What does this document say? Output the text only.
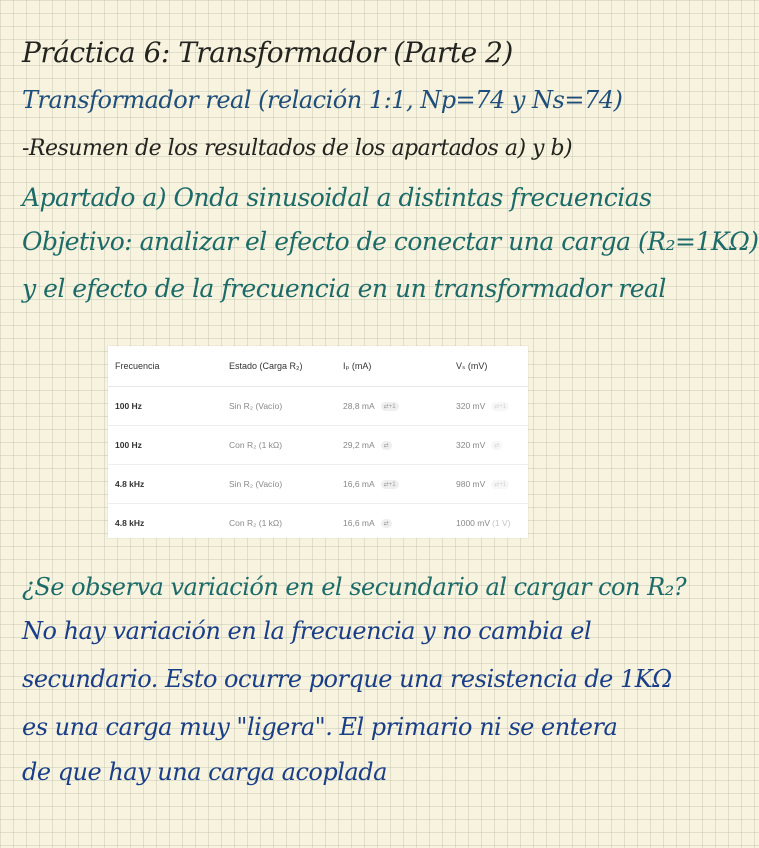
Práctica 6: Transformador (Parte 2)
Transformador real (relación 1:1, Np=74 y Ns=74)
-Resumen de los resultados de los apartados a) y b)
Apartado a) Onda sinusoidal a distintas frecuencias
Objetivo: analizar el efecto de conectar una carga (R₂=1KΩ)
y el efecto de la frecuencia en un transformador real
Frecuencia	Estado (Carga R₂)	Iₚ (mA)	Vₛ (mV)
100 Hz	Sin R₂ (Vacío)	28,8 mA ⇄+1	320 mV ⇄+1
100 Hz	Con R₂ (1 kΩ)	29,2 mA ⇄	320 mV ⇄
4.8 kHz	Sin R₂ (Vacío)	16,6 mA ⇄+1	980 mV ⇄+1
4.8 kHz	Con R₂ (1 kΩ)	16,6 mA ⇄	1000 mV (1 V)
¿Se observa variación en el secundario al cargar con R₂?
No hay variación en la frecuencia y no cambia el
secundario. Esto ocurre porque una resistencia de 1KΩ
es una carga muy "ligera". El primario ni se entera
de que hay una carga acoplada
